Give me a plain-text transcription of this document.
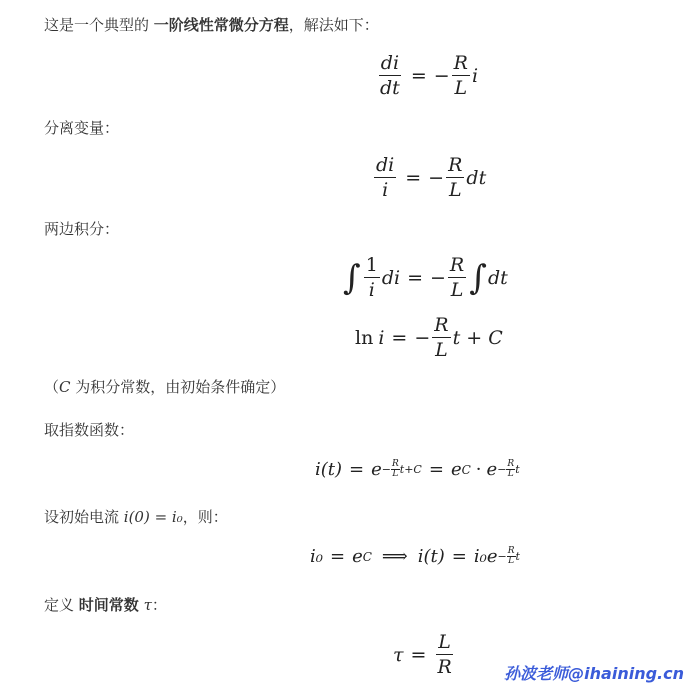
这是一个典型的 一阶线性常微分方程，解法如下：
$\frac{di}{dt}$ = − $\frac{R}{L}$ i
分离变量：
$\frac{di}{i}$ = − $\frac{R}{L}$ dt
两边积分：
∫ $\frac{1}{i}$ di = − $\frac{R}{L}$ ∫ dt
ln i = − $\frac{R}{L}$ t + C
（C 为积分常数，由初始条件确定）
取指数函数：
$i(t) = e - \frac{R}{L} t+C = e$ $C \cdot e - \frac{R}{L}$ t
设初始电流 i(0) = i₀，则：
i₀ = e C ⟹ $i(t) = i_0e - \frac{R}{L}$ t
定义 时间常数 τ：
$\tau = \frac{L}{R}$	孙波老师@ihaining.cn
